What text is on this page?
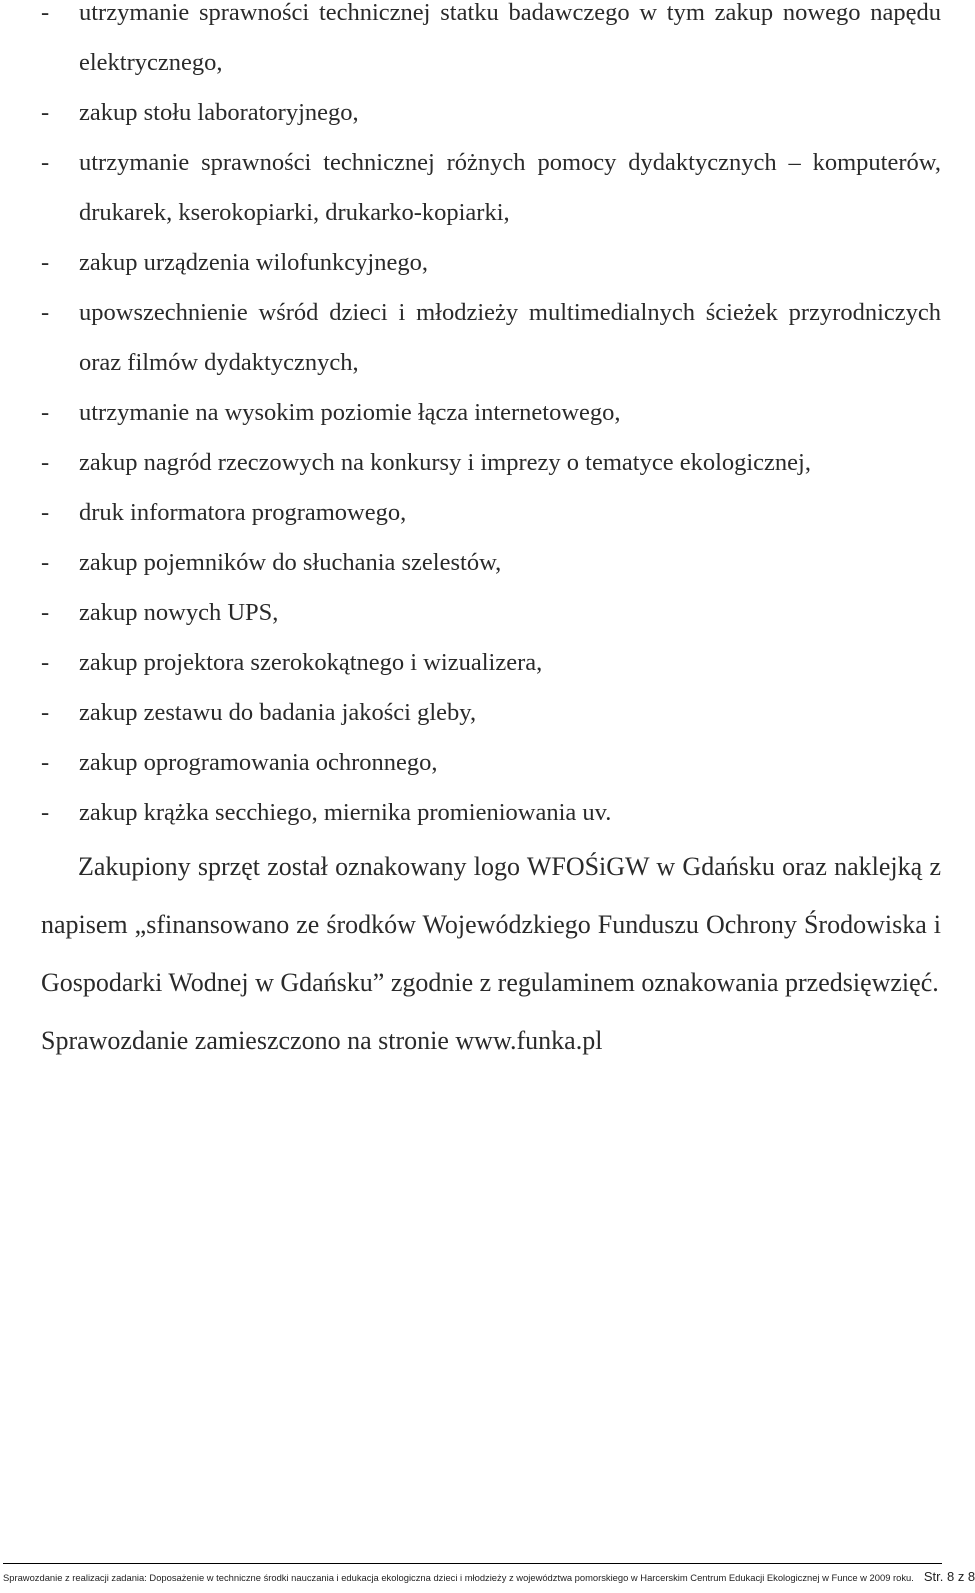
-	utrzymanie sprawności technicznej statku badawczego w tym zakup nowego napędu elektrycznego,
-	zakup stołu laboratoryjnego,
-	utrzymanie sprawności technicznej różnych pomocy dydaktycznych – komputerów, drukarek, kserokopiarki, drukarko-kopiarki,
-	zakup urządzenia wilofunkcyjnego,
-	upowszechnienie wśród dzieci i młodzieży multimedialnych ścieżek przyrodniczych oraz filmów dydaktycznych,
-	utrzymanie na wysokim poziomie łącza internetowego,
-	zakup nagród rzeczowych na konkursy i imprezy o tematyce ekologicznej,
-	druk informatora programowego,
-	zakup pojemników do słuchania szelestów,
-	zakup nowych UPS,
-	zakup projektora szerokokątnego i wizualizera,
-	zakup zestawu do badania jakości gleby,
-	zakup oprogramowania ochronnego,
-	zakup krążka secchiego, miernika promieniowania uv.

Zakupiony sprzęt został oznakowany logo WFOŚiGW w Gdańsku oraz naklejką z napisem „sfinansowano ze środków Wojewódzkiego Funduszu Ochrony Środowiska i Gospodarki Wodnej w Gdańsku” zgodnie z regulaminem oznakowania przedsięwzięć.

Sprawozdanie zamieszczono na stronie www.funka.pl

Sprawozdanie z realizacji zadania: Doposażenie w techniczne środki nauczania i edukacja ekologiczna dzieci i młodzieży z województwa pomorskiego w Harcerskim Centrum Edukacji Ekologicznej w Funce w 2009 roku. Str. 8 z 8
